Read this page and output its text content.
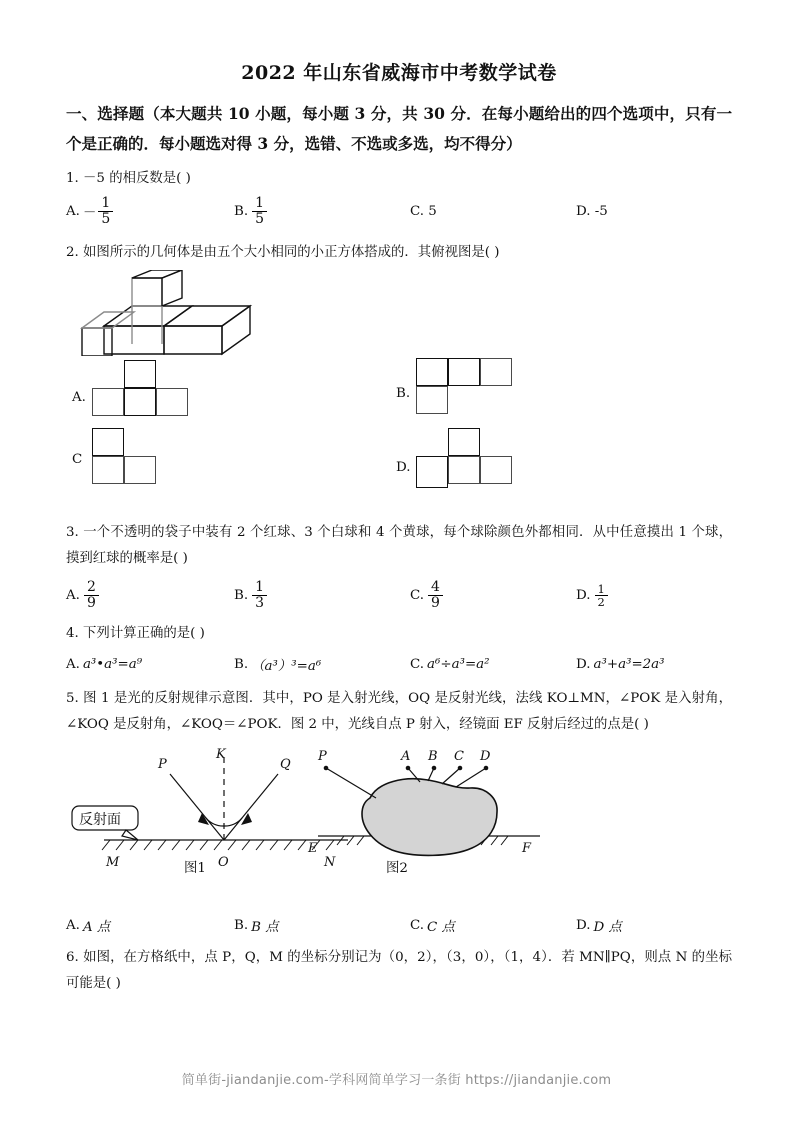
2022 年山东省威海市中考数学试卷
一、选择题（本大题共 10 小题，每小题 3 分，共 30 分．在每小题给出的四个选项中，只有一个是正确的．每小题选对得 3 分，选错、不选或多选，均不得分）
1. －5 的相反数是( )
A. － $\frac{1}{5}$	B. $\frac{1}{5}$	C. 5	D. -5
2. 如图所示的几何体是由五个大小相同的小正方体搭成的．其俯视图是( )
A.	B.
C
D.
3. 一个不透明的袋子中装有 2 个红球、3 个白球和 4 个黄球，每个球除颜色外都相同．从中任意摸出 1 个球，摸到红球的概率是( )
A. $\frac{2}{9}$	B. $\frac{1}{3}$	C. $\frac{4}{9}$	D. $\frac{1}{2}$
4. 下列计算正确的是( )
A. a³•a³=a⁹	B. （a³）³=a⁶	C. a⁶÷a³=a²	D. a³+a³=2a³
5. 图 1 是光的反射规律示意图．其中，PO 是入射光线，OQ 是反射光线，法线 KO⊥MN，∠POK 是入射角，∠KOQ 是反射角，∠KOQ＝∠POK．图 2 中，光线自点 P 射入，经镜面 EF 反射后经过的点是( )
P
K
Q
M	O	N
反射面
P	A B C D
E	F
图1	图2
A. A 点	B. B 点	C. C 点	D. D 点
6. 如图，在方格纸中，点 P，Q，M 的坐标分别记为（0，2），（3，0），（1，4）．若 MN∥PQ，则点 N 的坐标可能是( )
简单街-jiandanjie.com-学科网简单学习一条街 https://jiandanjie.com
